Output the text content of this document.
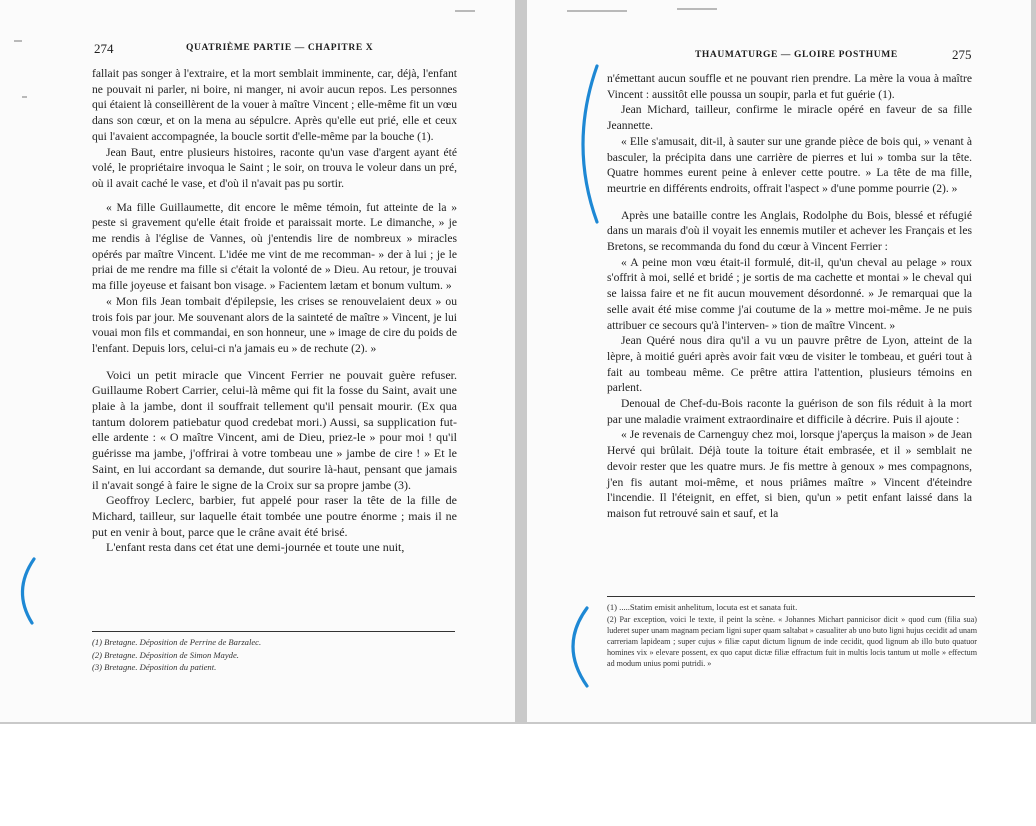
274	QUATRIÈME PARTIE — CHAPITRE X

fallait pas songer à l'extraire, et la mort semblait imminente, car, déjà, l'enfant ne pouvait ni parler, ni boire, ni manger, ni avoir aucun repos. Les personnes qui étaient là conseillèrent de la vouer à maître Vincent ; elle-même fit un vœu dans son cœur, et on la mena au sépulcre. Après qu'elle eut prié, elle et ceux qui l'avaient accompagnée, la boucle sortit d'elle-même par la bouche (1).

Jean Baut, entre plusieurs histoires, raconte qu'un vase d'argent ayant été volé, le propriétaire invoqua le Saint ; le soir, on trouva le voleur dans un pré, où il avait caché le vase, et d'où il n'avait pas pu sortir.

« Ma fille Guillaumette, dit encore le même témoin, fut atteinte de la » peste si gravement qu'elle était froide et paraissait morte. Le dimanche, » je me rendis à l'église de Vannes, où j'entendis lire de nombreux » miracles opérés par maître Vincent. L'idée me vint de me recomman- » der à lui ; je le priai de me rendre ma fille si c'était la volonté de » Dieu. Au retour, je trouvai ma fille joyeuse et faisant bon visage. » Facientem lætam et bonum vultum. »

« Mon fils Jean tombait d'épilepsie, les crises se renouvelaient deux » ou trois fois par jour. Me souvenant alors de la sainteté de maître » Vincent, je lui vouai mon fils et commandai, en son honneur, une » image de cire du poids de l'enfant. Depuis lors, celui-ci n'a jamais eu » de rechute (2). »

Voici un petit miracle que Vincent Ferrier ne pouvait guère refuser. Guillaume Robert Carrier, celui-là même qui fit la fosse du Saint, avait une plaie à la jambe, dont il souffrait tellement qu'il pensait mourir. (Ex qua tantum dolorem patiebatur quod credebat mori.) Aussi, sa supplication fut-elle ardente : « O maître Vincent, ami de Dieu, priez-le » pour moi ! qu'il guérisse ma jambe, j'offrirai à votre tombeau une » jambe de cire ! » Et le Saint, en lui accordant sa demande, dut sourire là-haut, pensant que jamais il n'avait songé à faire le signe de la Croix sur sa propre jambe (3).

Geoffroy Leclerc, barbier, fut appelé pour raser la tête de la fille de Michard, tailleur, sur laquelle était tombée une poutre énorme ; mais il ne put en venir à bout, parce que le crâne avait été brisé.

L'enfant resta dans cet état une demi-journée et toute une nuit,

(1) Bretagne. Déposition de Perrine de Barzalec.

(2) Bretagne. Déposition de Simon Mayde.

(3) Bretagne. Déposition du patient.

THAUMATURGE — GLOIRE POSTHUME	275

n'émettant aucun souffle et ne pouvant rien prendre. La mère la voua à maître Vincent : aussitôt elle poussa un soupir, parla et fut guérie (1).

Jean Michard, tailleur, confirme le miracle opéré en faveur de sa fille Jeannette.

« Elle s'amusait, dit-il, à sauter sur une grande pièce de bois qui, » venant à basculer, la précipita dans une carrière de pierres et lui » tomba sur la tête. Quatre hommes eurent peine à enlever cette poutre. » La tête de ma fille, meurtrie en différents endroits, offrait l'aspect » d'une pomme pourrie (2). »

Après une bataille contre les Anglais, Rodolphe du Bois, blessé et réfugié dans un marais d'où il voyait les ennemis mutiler et achever les Français et les Bretons, se recommanda du fond du cœur à Vincent Ferrier :

« A peine mon vœu était-il formulé, dit-il, qu'un cheval au pelage » roux s'offrit à moi, sellé et bridé ; je sortis de ma cachette et montai » le cheval qui se laissa faire et ne fit aucun mouvement désordonné. » Je remarquai que la selle avait été mise comme j'ai coutume de la » mettre moi-même. Je ne puis attribuer ce secours qu'à l'interven- » tion de maître Vincent. »

Jean Quéré nous dira qu'il a vu un pauvre prêtre de Lyon, atteint de la lèpre, à moitié guéri après avoir fait vœu de visiter le tombeau, et guéri tout à fait au tombeau même. Ce prêtre attira l'attention, plusieurs témoins en parlent.

Denoual de Chef-du-Bois raconte la guérison de son fils réduit à la mort par une maladie vraiment extraordinaire et difficile à décrire. Puis il ajoute :

« Je revenais de Carnenguy chez moi, lorsque j'aperçus la maison » de Jean Hervé qui brûlait. Déjà toute la toiture était embrasée, et il » semblait ne devoir rester que les quatre murs. Je fis mettre à genoux » mes compagnons, j'en fis autant moi-même, et nous priâmes maître » Vincent d'éteindre l'incendie. Il l'éteignit, en effet, si bien, qu'un » petit enfant laissé dans la maison fut retrouvé sain et sauf, et la

(1) .....Statim emisit anhelitum, locuta est et sanata fuit.

(2) Par exception, voici le texte, il peint la scène. « Johannes Michart pannicisor dicit » quod cum (filia sua) luderet super unam magnam peciam ligni super quam saltabat » casualiter ab uno buto ligni hujus cecidit ad unam carreriam lapideam ; super cujus » filiæ caput dictum lignum de inde cecidit, quod lignum ab illo buto quatuor homines vix » elevare possent, ex quo caput dictæ filiæ effractum fuit in multis locis tantum ut molle » effectum ad modum unius pomi putridi. »
